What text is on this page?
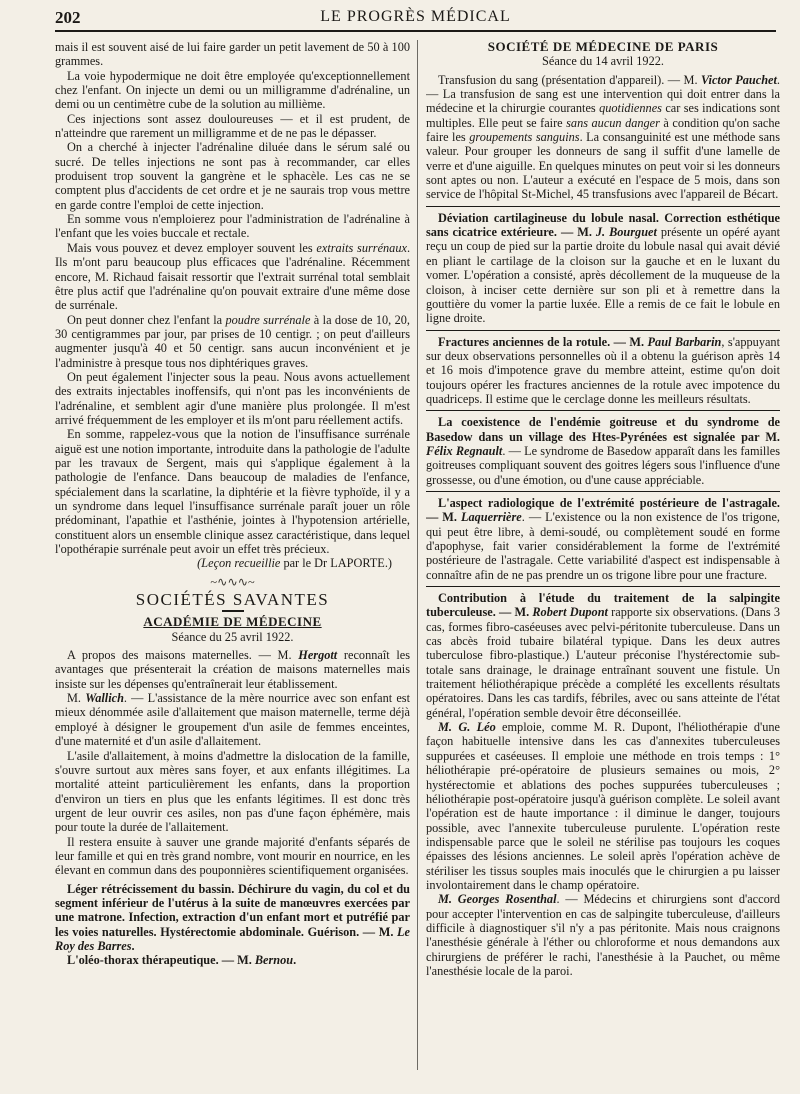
202	LE PROGRÈS MÉDICAL

mais il est souvent aisé de lui faire garder un petit lavement de 50 à 100 grammes.

La voie hypodermique ne doit être employée qu'exceptionnellement chez l'enfant. On injecte un demi ou un milligramme d'adrénaline, un demi ou un centimètre cube de la solution au millième.

Ces injections sont assez douloureuses — et il est prudent, de n'atteindre que rarement un milligramme et de ne pas le dépasser.

On a cherché à injecter l'adrénaline diluée dans le sérum salé ou sucré. De telles injections ne sont pas à recommander, car elles produisent trop souvent la gangrène et le sphacèle. Les cas ne se comptent plus d'accidents de cet ordre et je ne saurais trop vous mettre en garde contre l'emploi de cette injection.

En somme vous n'emploierez pour l'administration de l'adrénaline à l'enfant que les voies buccale et rectale.

Mais vous pouvez et devez employer souvent les extraits surrénaux. Ils m'ont paru beaucoup plus efficaces que l'adrénaline. Récemment encore, M. Richaud faisait ressortir que l'extrait surrénal total semblait être plus actif que l'adrénaline qu'on pouvait extraire d'une même dose de surrénale.

On peut donner chez l'enfant la poudre surrénale à la dose de 10, 20, 30 centigrammes par jour, par prises de 10 centigr. ; on peut d'ailleurs augmenter jusqu'à 40 et 50 centigr. sans aucun inconvénient et je l'administre à presque tous nos diphtériques graves.

On peut également l'injecter sous la peau. Nous avons actuellement des extraits injectables inoffensifs, qui n'ont pas les inconvénients de l'adrénaline, et semblent agir d'une manière plus prolongée. Il m'est arrivé fréquemment de les employer et ils m'ont paru réellement actifs.

En somme, rappelez-vous que la notion de l'insuffisance surrénale aiguë est une notion importante, introduite dans la pathologie de l'adulte par les travaux de Sergent, mais qui s'applique également à la pathologie de l'enfance. Dans beaucoup de maladies de l'enfance, spécialement dans la scarlatine, la diphtérie et la fièvre typhoïde, il y a un syndrome dans lequel l'insuffisance surrénale paraît jouer un rôle prédominant, l'apathie et l'asthénie, jointes à l'hypotension artérielle, constituent alors un ensemble clinique assez caractéristique, dans lequel l'opothérapie surrénale peut avoir un effet très précieux.

(Leçon recueillie par le Dr LAPORTE.)

~∿∿∿~
SOCIÉTÉS SAVANTES
ACADÉMIE DE MÉDECINE
Séance du 25 avril 1922.

A propos des maisons maternelles. — M. Hergott reconnaît les avantages que présenterait la création de maisons maternelles mais insiste sur les dépenses qu'entraînerait leur établissement.

M. Wallich. — L'assistance de la mère nourrice avec son enfant est mieux dénommée asile d'allaitement que maison maternelle, terme déjà employé à désigner le groupement d'un asile de femmes enceintes, d'une maternité et d'un asile d'allaitement.

L'asile d'allaitement, à moins d'admettre la dislocation de la famille, s'ouvre surtout aux mères sans foyer, et aux enfants illégitimes. La mortalité atteint particulièrement les enfants, dans la proportion d'environ un tiers en plus que les enfants légitimes. Il est donc très urgent de leur ouvrir ces asiles, non pas d'une façon éphémère, mais pour toute la durée de l'allaitement.

Il restera ensuite à sauver une grande majorité d'enfants séparés de leur famille et qui en très grand nombre, vont mourir en nourrice, en les élevant en commun dans des pouponnières scientifiquement organisées.

Léger rétrécissement du bassin. Déchirure du vagin, du col et du segment inférieur de l'utérus à la suite de manœuvres exercées par une matrone. Infection, extraction d'un enfant mort et putréfié par les voies naturelles. Hystérectomie abdominale. Guérison. — M. Le Roy des Barres.

L'oléo-thorax thérapeutique. — M. Bernou.

SOCIÉTÉ DE MÉDECINE DE PARIS
Séance du 14 avril 1922.

Transfusion du sang (présentation d'appareil). — M. Victor Pauchet. — La transfusion de sang est une intervention qui doit entrer dans la médecine et la chirurgie courantes quotidiennes car ses indications sont multiples. Elle peut se faire sans aucun danger à condition qu'on sache faire les groupements sanguins. La consanguinité est une méthode sans valeur. Pour grouper les donneurs de sang il suffit d'une lamelle de verre et d'une aiguille. En quelques minutes on peut voir si les donneurs sont aptes ou non. L'auteur a exécuté en l'espace de 5 mois, dans son service de l'hôpital St-Michel, 45 transfusions avec l'appareil de Bécart.

Déviation cartilagineuse du lobule nasal. Correction esthétique sans cicatrice extérieure. — M. J. Bourguet présente un opéré ayant reçu un coup de pied sur la partie droite du lobule nasal qui avait dévié en pliant le cartilage de la cloison sur la gauche et en le luxant du vomer. L'opération a consisté, après décollement de la muqueuse de la cloison, à inciser cette dernière sur son pli et à remettre dans la gouttière du vomer la partie luxée. Elle a remis de ce fait le lobule en ligne droite.

Fractures anciennes de la rotule. — M. Paul Barbarin, s'appuyant sur deux observations personnelles où il a obtenu la guérison après 14 et 16 mois d'impotence grave du membre atteint, estime qu'on doit toujours opérer les fractures anciennes de la rotule avec impotence du quadriceps. Il estime que le cerclage donne les meilleurs résultats.

La coexistence de l'endémie goitreuse et du syndrome de Basedow dans un village des Htes-Pyrénées est signalée par M. Félix Regnault. — Le syndrome de Basedow apparaît dans les familles goitreuses compliquant souvent des goitres légers sous l'influence d'une grossesse, ou d'une émotion, ou d'une cause appréciable.

L'aspect radiologique de l'extrémité postérieure de l'astragale. — M. Laquerrière. — L'existence ou la non existence de l'os trigone, qui peut être libre, à demi-soudé, ou complètement soudé en forme d'apophyse, fait varier considérablement la forme de l'extrémité postérieure de l'astragale. Cette variabilité d'aspect est indispensable à connaître afin de ne pas prendre un os trigone libre pour une fracture.

Contribution à l'étude du traitement de la salpingite tuberculeuse. — M. Robert Dupont rapporte six observations. (Dans 3 cas, formes fibro-caséeuses avec pelvi-péritonite tuberculeuse. Dans un cas abcès froid tubaire bilatéral typique. Dans les deux autres tuberculose fibro-plastique.) L'auteur préconise l'hystérectomie sub-totale sans drainage, le drainage entraînant souvent une fistule. Un traitement héliothérapique précède a complété les excellents résultats opératoires. Dans les cas tardifs, fébriles, avec ou sans atteinte de l'état général, l'opération semble devoir être déconseillée.

M. G. Léo emploie, comme M. R. Dupont, l'héliothérapie d'une façon habituelle intensive dans les cas d'annexites tuberculeuses suppurées et caséeuses. Il emploie une méthode en trois temps : 1° héliothérapie pré-opératoire de plusieurs semaines ou mois, 2° hystérectomie et ablations des poches suppurées tuberculeuses ; héliothérapie post-opératoire jusqu'à guérison complète. Le soleil avant l'opération est de haute importance : il diminue le danger, toujours possible, avec l'annexite tuberculeuse purulente. L'opération reste indispensable parce que le soleil ne stérilise pas toujours les coques épaisses des lésions anciennes. Le soleil après l'opération achève de stériliser les tissus souples mais inoculés que le chirurgien a pu laisser involontairement dans le champ opératoire.

M. Georges Rosenthal. — Médecins et chirurgiens sont d'accord pour accepter l'intervention en cas de salpingite tuberculeuse, d'ailleurs difficile à diagnostiquer s'il n'y a pas péritonite. Mais nous craignons l'anesthésie générale à l'éther ou chloroforme et nous demandons aux chirurgiens de préférer le rachi, l'anesthésie à la Pauchet, ou même l'anesthésie locale de la paroi.
